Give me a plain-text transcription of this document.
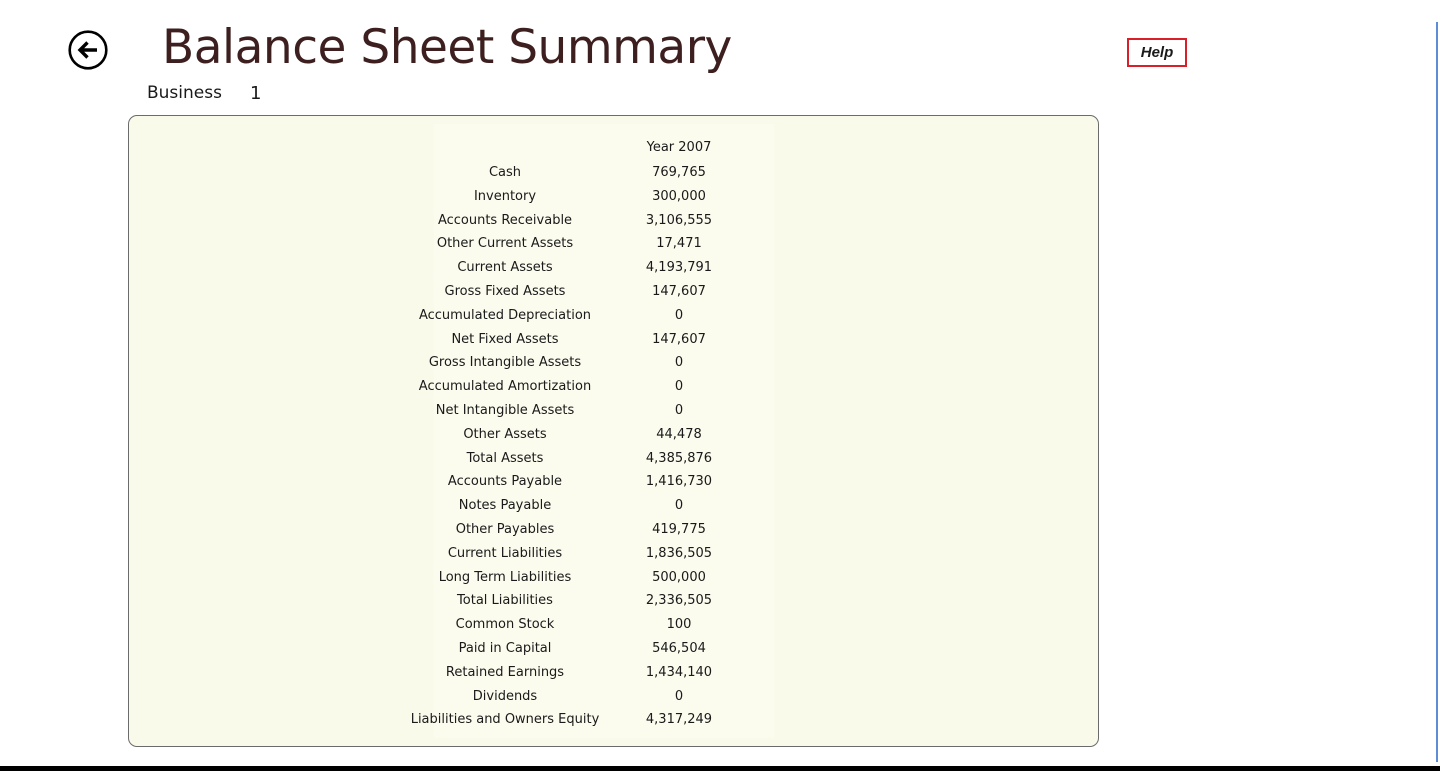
Balance Sheet Summary	Help
Business 1
Year 2007
Cash	769,765
Inventory	300,000
Accounts Receivable	3,106,555
Other Current Assets	17,471
Current Assets	4,193,791
Gross Fixed Assets	147,607
Accumulated Depreciation	0
Net Fixed Assets	147,607
Gross Intangible Assets	0
Accumulated Amortization	0
Net Intangible Assets	0
Other Assets	44,478
Total Assets	4,385,876
Accounts Payable	1,416,730
Notes Payable	0
Other Payables	419,775
Current Liabilities	1,836,505
Long Term Liabilities	500,000
Total Liabilities	2,336,505
Common Stock	100
Paid in Capital	546,504
Retained Earnings	1,434,140
Dividends	0
Liabilities and Owners Equity	4,317,249
